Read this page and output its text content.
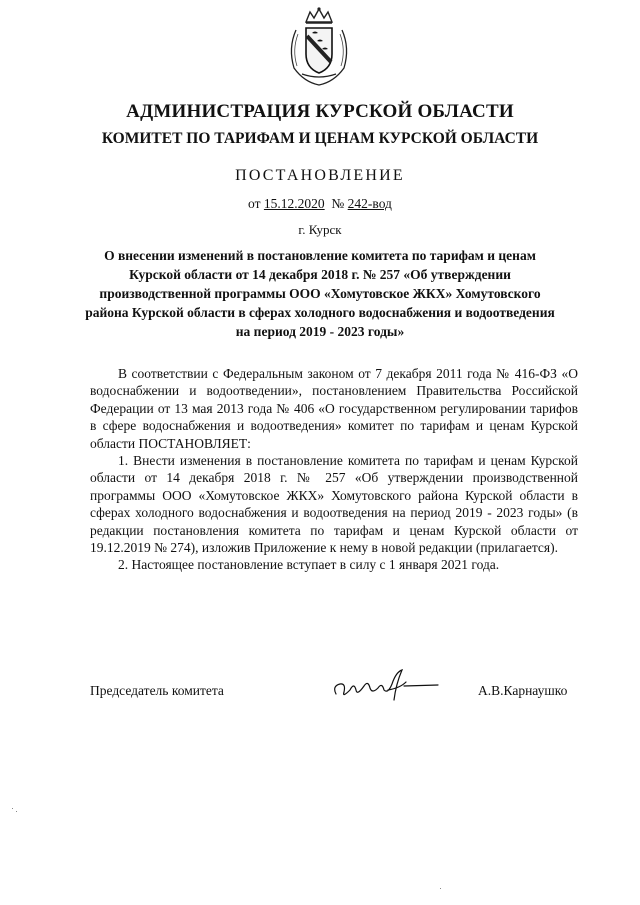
АДМИНИСТРАЦИЯ КУРСКОЙ ОБЛАСТИ
КОМИТЕТ ПО ТАРИФАМ И ЦЕНАМ КУРСКОЙ ОБЛАСТИ
ПОСТАНОВЛЕНИЕ
от 15.12.2020 № 242-вод
г. Курск
О внесении изменений в постановление комитета по тарифам и ценам Курской области от 14 декабря 2018 г. № 257 «Об утверждении производственной программы ООО «Хомутовское ЖКХ» Хомутовского района Курской области в сферах холодного водоснабжения и водоотведения на период 2019 - 2023 годы»

В соответствии с Федеральным законом от 7 декабря 2011 года № 416-ФЗ «О водоснабжении и водоотведении», постановлением Правительства Российской Федерации от 13 мая 2013 года № 406 «О государственном регулировании тарифов в сфере водоснабжения и водоотведения» комитет по тарифам и ценам Курской области ПОСТАНОВЛЯЕТ:

1. Внести изменения в постановление комитета по тарифам и ценам Курской области от 14 декабря 2018 г. № 257 «Об утверждении производственной программы ООО «Хомутовское ЖКХ» Хомутовского района Курской области в сферах холодного водоснабжения и водоотведения на период 2019 - 2023 годы» (в редакции постановления комитета по тарифам и ценам Курской области от 19.12.2019 № 274), изложив Приложение к нему в новой редакции (прилагается).

2. Настоящее постановление вступает в силу с 1 января 2021 года.

Председатель комитета	А.В.Карнаушко
